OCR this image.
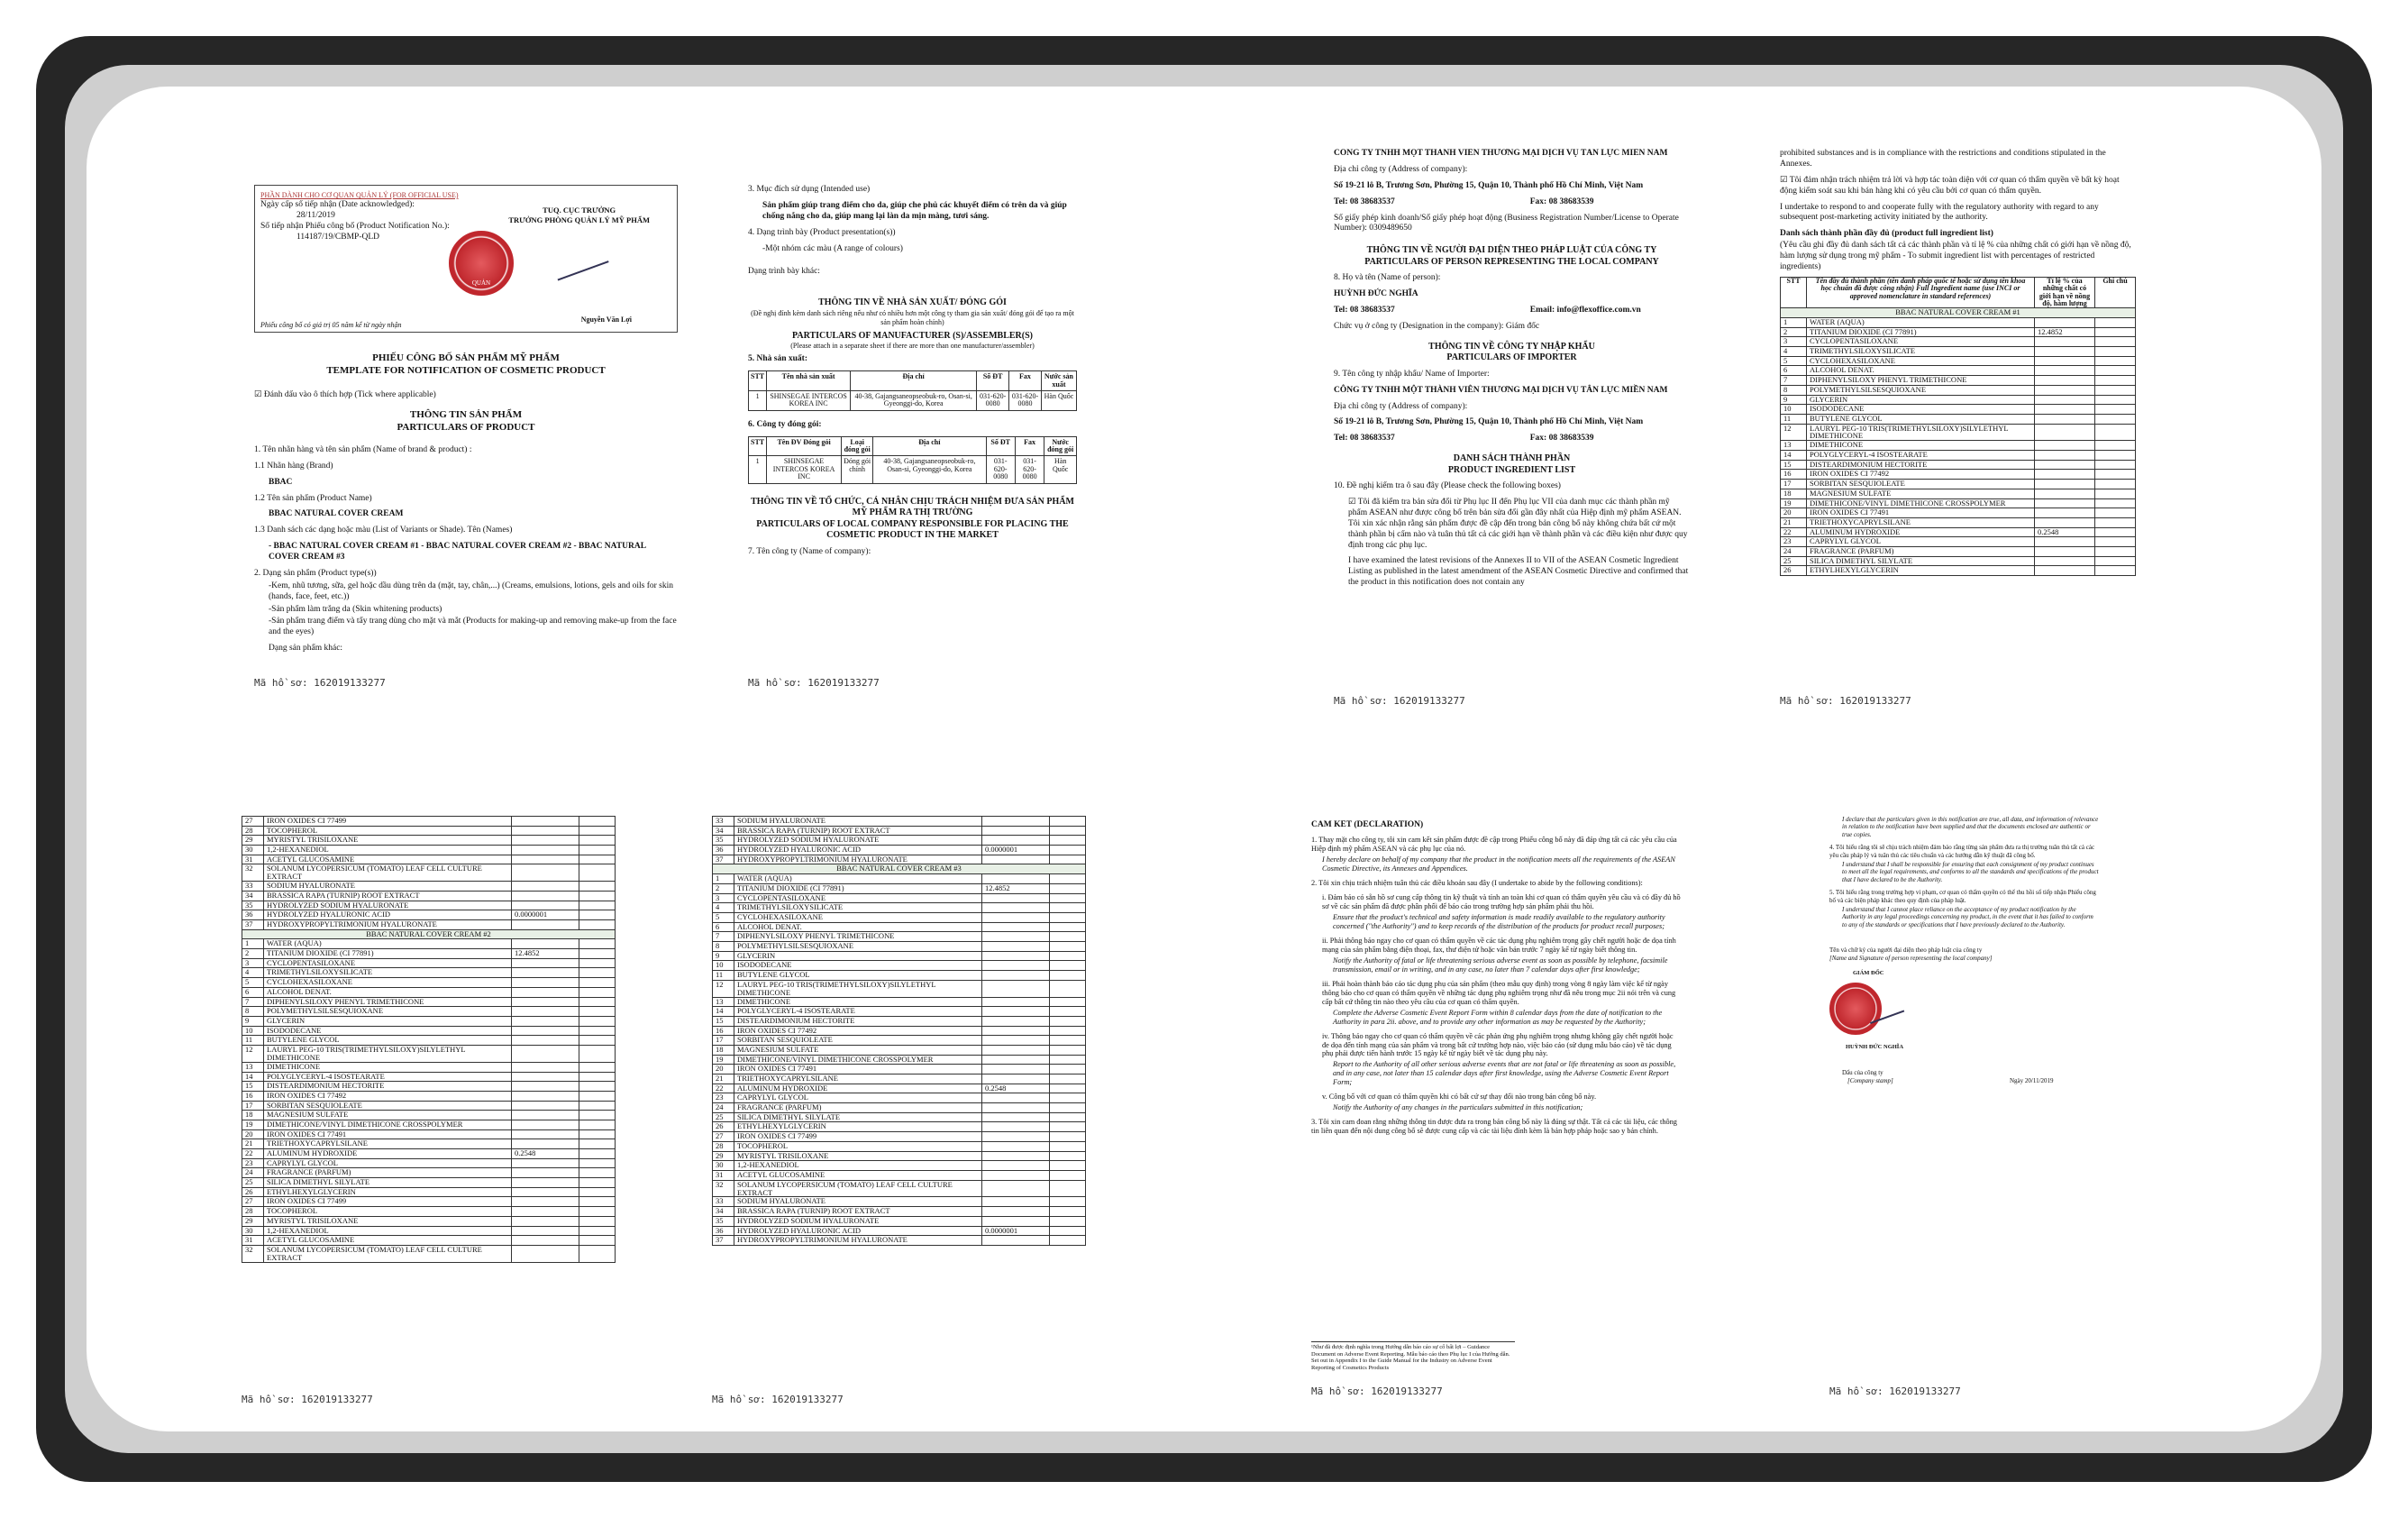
PHẦN DÀNH CHO CƠ QUAN QUẢN LÝ (FOR OFFICIAL USE)
Ngày cấp số tiếp nhận (Date acknowledged):
28/11/2019
Số tiếp nhận Phiếu công bố (Product Notification No.):
114187/19/CBMP-QLD
TUQ. CỤC TRƯỞNG
TRƯỞNG PHÒNG QUẢN LÝ MỸ PHẨM
QUẢN
Nguyễn Văn Lợi
Phiếu công bố có giá trị 05 năm kể từ ngày nhận
PHIẾU CÔNG BỐ SẢN PHẨM MỸ PHẨM
TEMPLATE FOR NOTIFICATION OF COSMETIC PRODUCT

☑ Đánh dấu vào ô thích hợp (Tick where applicable)

THÔNG TIN SẢN PHẨM
PARTICULARS OF PRODUCT

1. Tên nhãn hàng và tên sản phẩm (Name of brand & product) :

1.1 Nhãn hàng (Brand)

BBAC

1.2 Tên sản phẩm (Product Name)

BBAC NATURAL COVER CREAM

1.3 Danh sách các dạng hoặc màu (List of Variants or Shade). Tên (Names)

- BBAC NATURAL COVER CREAM #1 - BBAC NATURAL COVER CREAM #2 - BBAC NATURAL COVER CREAM #3

2. Dạng sản phẩm (Product type(s))

-Kem, nhũ tương, sữa, gel hoặc dầu dùng trên da (mặt, tay, chân,...) (Creams, emulsions, lotions, gels and oils for skin (hands, face, feet, etc.))

-Sản phẩm làm trắng da (Skin whitening products)

-Sản phẩm trang điểm và tẩy trang dùng cho mặt và mắt (Products for making-up and removing make-up from the face and the eyes)

Dạng sản phẩm khác:

Mã hồ sơ: 162019133277

3. Mục đích sử dụng (Intended use)

Sản phẩm giúp trang điểm cho da, giúp che phủ các khuyết điểm có trên da và giúp chống nắng cho da, giúp mang lại làn da mịn màng, tươi sáng.

4. Dạng trình bày (Product presentation(s))

-Một nhóm các màu (A range of colours)

Dạng trình bày khác:

THÔNG TIN VỀ NHÀ SẢN XUẤT/ ĐÓNG GÓI
(Đề nghị đính kèm danh sách riêng nếu như có nhiều hơn một công ty tham gia sản xuất/ đóng gói để tạo ra một sản phẩm hoàn chỉnh)
PARTICULARS OF MANUFACTURER (S)/ASSEMBLER(S)
(Please attach in a separate sheet if there are more than one manufacturer/assembler)

5. Nhà sản xuất:

STT	Tên nhà sản xuất	Địa chỉ	Số ĐT	Fax	Nước sản xuất
1	SHINSEGAE INTERCOS KOREA INC	40-38, Gajangsaneopseobuk-ro, Osan-si, Gyeonggi-do, Korea	031-620-0080	031-620-0080	Hàn Quốc

6. Công ty đóng gói:

STT	Tên ĐV Đóng gói	Loại đóng gói	Địa chỉ	Số ĐT	Fax	Nước đóng gói
1	SHINSEGAE INTERCOS KOREA INC	Đóng gói chính	40-38, Gajangsaneopseobuk-ro, Osan-si, Gyeonggi-do, Korea	031-620-0080	031-620-0080	Hàn Quốc
THÔNG TIN VỀ TỔ CHỨC, CÁ NHÂN CHỊU TRÁCH NHIỆM ĐƯA SẢN PHẨM MỸ PHẨM RA THỊ TRƯỜNG
PARTICULARS OF LOCAL COMPANY RESPONSIBLE FOR PLACING THE COSMETIC PRODUCT IN THE MARKET

7. Tên công ty (Name of company):

Mã hồ sơ: 162019133277

CÔNG TY TNHH MỘT THÀNH VIÊN THƯƠNG MẠI DỊCH VỤ TÂN LỰC MIỀN NAM

Địa chỉ công ty (Address of company):

Số 19-21 lô B, Trương Sơn, Phường 15, Quận 10, Thành phố Hồ Chí Minh, Việt Nam

Tel: 08 38683537	Fax: 08 38683539

Số giấy phép kinh doanh/Số giấy phép hoạt động (Business Registration Number/License to Operate Number): 0309489650

THÔNG TIN VỀ NGƯỜI ĐẠI DIỆN THEO PHÁP LUẬT CỦA CÔNG TY
PARTICULARS OF PERSON REPRESENTING THE LOCAL COMPANY

8. Họ và tên (Name of person):

HUỲNH ĐỨC NGHĨA

Tel: 08 38683537	Email: info@flexoffice.com.vn

Chức vụ ở công ty (Designation in the company): Giám đốc

THÔNG TIN VỀ CÔNG TY NHẬP KHẨU
PARTICULARS OF IMPORTER

9. Tên công ty nhập khẩu/ Name of Importer:

CÔNG TY TNHH MỘT THÀNH VIÊN THƯƠNG MẠI DỊCH VỤ TÂN LỰC MIỀN NAM

Địa chỉ công ty (Address of company):

Số 19-21 lô B, Trương Sơn, Phường 15, Quận 10, Thành phố Hồ Chí Minh, Việt Nam

Tel: 08 38683537	Fax: 08 38683539

DANH SÁCH THÀNH PHẦN
PRODUCT INGREDIENT LIST

10. Đề nghị kiểm tra ô sau đây (Please check the following boxes)

☑ Tôi đã kiểm tra bản sửa đổi từ Phụ lục II đến Phụ lục VII của danh mục các thành phần mỹ phẩm ASEAN như được công bố trên bản sửa đổi gần đây nhất của Hiệp định mỹ phẩm ASEAN. Tôi xin xác nhận rằng sản phẩm được đề cập đến trong bản công bố này không chứa bất cứ một thành phần bị cấm nào và tuân thủ tất cả các giới hạn về thành phần và các điều kiện như được quy định trong các phụ lục.

I have examined the latest revisions of the Annexes II to VII of the ASEAN Cosmetic Ingredient Listing as published in the latest amendment of the ASEAN Cosmetic Directive and confirmed that the product in this notification does not contain any

Mã hồ sơ: 162019133277

prohibited substances and is in compliance with the restrictions and conditions stipulated in the Annexes.

☑ Tôi đảm nhận trách nhiệm trả lời và hợp tác toàn diện với cơ quan có thẩm quyền về bất kỳ hoạt động kiểm soát sau khi bán hàng khi có yêu cầu bởi cơ quan có thẩm quyền.

I undertake to respond to and cooperate fully with the regulatory authority with regard to any subsequent post-marketing activity initiated by the authority.

Danh sách thành phần đầy đủ (product full ingredient list)

(Yêu cầu ghi đầy đủ danh sách tất cả các thành phần và tỉ lệ % của những chất có giới hạn về nồng độ, hàm lượng sử dụng trong mỹ phẩm - To submit ingredient list with percentages of restricted ingredients)

STT	Tên đầy đủ thành phần (tên danh pháp quốc tế hoặc sử dụng tên khoa học chuẩn đã được công nhận) Full Ingredient name (use INCI or approved nomenclature in standard references)	Tỉ lệ % của những chất có giới hạn về nồng độ, hàm lượng	Ghi chú
BBAC NATURAL COVER CREAM #1			
1	WATER (AQUA)		
2	TITANIUM DIOXIDE (CI 77891)	12.4852	
3	CYCLOPENTASILOXANE		
4	TRIMETHYLSILOXYSILICATE		
5	CYCLOHEXASILOXANE		
6	ALCOHOL DENAT.		
7	DIPHENYLSILOXY PHENYL TRIMETHICONE		
8	POLYMETHYLSILSESQUIOXANE		
9	GLYCERIN		
10	ISODODECANE		
11	BUTYLENE GLYCOL		
12	LAURYL PEG-10 TRIS(TRIMETHYLSILOXY)SILYLETHYL DIMETHICONE		
13	DIMETHICONE		
14	POLYGLYCERYL-4 ISOSTEARATE		
15	DISTEARDIMONIUM HECTORITE		
16	IRON OXIDES CI 77492		
17	SORBITAN SESQUIOLEATE		
18	MAGNESIUM SULFATE		
19	DIMETHICONE/VINYL DIMETHICONE CROSSPOLYMER		
20	IRON OXIDES CI 77491		
21	TRIETHOXYCAPRYLSILANE		
22	ALUMINUM HYDROXIDE	0.2548	
23	CAPRYLYL GLYCOL		
24	FRAGRANCE (PARFUM)		
25	SILICA DIMETHYL SILYLATE		
26	ETHYLHEXYLGLYCERIN		
Mã hồ sơ: 162019133277
27	IRON OXIDES CI 77499		
28	TOCOPHEROL		
29	MYRISTYL TRISILOXANE		
30	1,2-HEXANEDIOL		
31	ACETYL GLUCOSAMINE		
32	SOLANUM LYCOPERSICUM (TOMATO) LEAF CELL CULTURE EXTRACT		
33	SODIUM HYALURONATE		
34	BRASSICA RAPA (TURNIP) ROOT EXTRACT		
35	HYDROLYZED SODIUM HYALURONATE		
36	HYDROLYZED HYALURONIC ACID	0.0000001	
37	HYDROXYPROPYLTRIMONIUM HYALURONATE		
BBAC NATURAL COVER CREAM #2			
1	WATER (AQUA)		
2	TITANIUM DIOXIDE (CI 77891)	12.4852	
3	CYCLOPENTASILOXANE		
4	TRIMETHYLSILOXYSILICATE		
5	CYCLOHEXASILOXANE		
6	ALCOHOL DENAT.		
7	DIPHENYLSILOXY PHENYL TRIMETHICONE		
8	POLYMETHYLSILSESQUIOXANE		
9	GLYCERIN		
10	ISODODECANE		
11	BUTYLENE GLYCOL		
12	LAURYL PEG-10 TRIS(TRIMETHYLSILOXY)SILYLETHYL DIMETHICONE		
13	DIMETHICONE		
14	POLYGLYCERYL-4 ISOSTEARATE		
15	DISTEARDIMONIUM HECTORITE		
16	IRON OXIDES CI 77492		
17	SORBITAN SESQUIOLEATE		
18	MAGNESIUM SULFATE		
19	DIMETHICONE/VINYL DIMETHICONE CROSSPOLYMER		
20	IRON OXIDES CI 77491		
21	TRIETHOXYCAPRYLSILANE		
22	ALUMINUM HYDROXIDE	0.2548	
23	CAPRYLYL GLYCOL		
24	FRAGRANCE (PARFUM)		
25	SILICA DIMETHYL SILYLATE		
26	ETHYLHEXYLGLYCERIN		
27	IRON OXIDES CI 77499		
28	TOCOPHEROL		
29	MYRISTYL TRISILOXANE		
30	1,2-HEXANEDIOL		
31	ACETYL GLUCOSAMINE		
32	SOLANUM LYCOPERSICUM (TOMATO) LEAF CELL CULTURE EXTRACT		
Mã hồ sơ: 162019133277
33	SODIUM HYALURONATE		
34	BRASSICA RAPA (TURNIP) ROOT EXTRACT		
35	HYDROLYZED SODIUM HYALURONATE		
36	HYDROLYZED HYALURONIC ACID	0.0000001	
37	HYDROXYPROPYLTRIMONIUM HYALURONATE		
BBAC NATURAL COVER CREAM #3			
1	WATER (AQUA)		
2	TITANIUM DIOXIDE (CI 77891)	12.4852	
3	CYCLOPENTASILOXANE		
4	TRIMETHYLSILOXYSILICATE		
5	CYCLOHEXASILOXANE		
6	ALCOHOL DENAT.		
7	DIPHENYLSILOXY PHENYL TRIMETHICONE		
8	POLYMETHYLSILSESQUIOXANE		
9	GLYCERIN		
10	ISODODECANE		
11	BUTYLENE GLYCOL		
12	LAURYL PEG-10 TRIS(TRIMETHYLSILOXY)SILYLETHYL DIMETHICONE		
13	DIMETHICONE		
14	POLYGLYCERYL-4 ISOSTEARATE		
15	DISTEARDIMONIUM HECTORITE		
16	IRON OXIDES CI 77492		
17	SORBITAN SESQUIOLEATE		
18	MAGNESIUM SULFATE		
19	DIMETHICONE/VINYL DIMETHICONE CROSSPOLYMER		
20	IRON OXIDES CI 77491		
21	TRIETHOXYCAPRYLSILANE		
22	ALUMINUM HYDROXIDE	0.2548	
23	CAPRYLYL GLYCOL		
24	FRAGRANCE (PARFUM)		
25	SILICA DIMETHYL SILYLATE		
26	ETHYLHEXYLGLYCERIN		
27	IRON OXIDES CI 77499		
28	TOCOPHEROL		
29	MYRISTYL TRISILOXANE		
30	1,2-HEXANEDIOL		
31	ACETYL GLUCOSAMINE		
32	SOLANUM LYCOPERSICUM (TOMATO) LEAF CELL CULTURE EXTRACT		
33	SODIUM HYALURONATE		
34	BRASSICA RAPA (TURNIP) ROOT EXTRACT		
35	HYDROLYZED SODIUM HYALURONATE		
36	HYDROLYZED HYALURONIC ACID	0.0000001	
37	HYDROXYPROPYLTRIMONIUM HYALURONATE		
Mã hồ sơ: 162019133277

CAM KẾT (DECLARATION)

1. Thay mặt cho công ty, tôi xin cam kết sản phẩm được đề cập trong Phiếu công bố này đã đáp ứng tất cả các yêu cầu của Hiệp định mỹ phẩm ASEAN và các phụ lục của nó.

I hereby declare on behalf of my company that the product in the notification meets all the requirements of the ASEAN Cosmetic Directive, its Annexes and Appendices.

2. Tôi xin chịu trách nhiệm tuân thủ các điều khoản sau đây (I undertake to abide by the following conditions):

i. Đảm bảo có sẵn hồ sơ cung cấp thông tin kỹ thuật và tính an toàn khi cơ quan có thẩm quyền yêu cầu và có đầy đủ hồ sơ về các sản phẩm đã được phân phối để báo cáo trong trường hợp sản phẩm phải thu hồi.

Ensure that the product's technical and safety information is made readily available to the regulatory authority concerned ("the Authority") and to keep records of the distribution of the products for product recall purposes;

ii. Phải thông báo ngay cho cơ quan có thẩm quyền về các tác dụng phụ nghiêm trọng gây chết người hoặc đe dọa tính mạng của sản phẩm bằng điện thoại, fax, thư điện tử hoặc văn bản trước 7 ngày kể từ ngày biết thông tin.

Notify the Authority of fatal or life threatening serious adverse event as soon as possible by telephone, facsimile transmission, email or in writing, and in any case, no later than 7 calendar days after first knowledge;

iii. Phải hoàn thành báo cáo tác dụng phụ của sản phẩm (theo mẫu quy định) trong vòng 8 ngày làm việc kể từ ngày thông báo cho cơ quan có thẩm quyền về những tác dụng phụ nghiêm trọng như đã nêu trong mục 2ii nói trên và cung cấp bất cứ thông tin nào theo yêu cầu của cơ quan có thẩm quyền.

Complete the Adverse Cosmetic Event Report Form within 8 calendar days from the date of notification to the Authority in para 2ii. above, and to provide any other information as may be requested by the Authority;

iv. Thông báo ngay cho cơ quan có thẩm quyền về các phản ứng phụ nghiêm trọng nhưng không gây chết người hoặc đe dọa đến tính mạng của sản phẩm và trong bất cứ trường hợp nào, việc báo cáo (sử dụng mẫu báo cáo) về tác dụng phụ phải được tiến hành trước 15 ngày kể từ ngày biết về tác dụng phụ này.

Report to the Authority of all other serious adverse events that are not fatal or life threatening as soon as possible, and in any case, not later than 15 calendar days after first knowledge, using the Adverse Cosmetic Event Report Form;

v. Công bố với cơ quan có thẩm quyền khi có bất cứ sự thay đổi nào trong bản công bố này.

Notify the Authority of any changes in the particulars submitted in this notification;

3. Tôi xin cam đoan rằng những thông tin được đưa ra trong bản công bố này là đúng sự thật. Tất cả các tài liệu, các thông tin liên quan đến nội dung công bố sẽ được cung cấp và các tài liệu đính kèm là bản hợp pháp hoặc sao y bản chính.

¹Như đã được định nghĩa trong Hướng dẫn báo cáo sự cố bất lợi – Guidance Document on Adverse Event Reporting. Mẫu báo cáo theo Phụ lục I của Hướng dẫn. Set out in Appendix I to the Guide Manual for the Industry on Adverse Event Reporting of Cosmetics Products
Mã hồ sơ: 162019133277

I declare that the particulars given in this notification are true, all data, and information of relevance in relation to the notification have been supplied and that the documents enclosed are authentic or true copies.

4. Tôi hiểu rằng tôi sẽ chịu trách nhiệm đảm bảo rằng từng sản phẩm đưa ra thị trường tuân thủ tất cả các yêu cầu pháp lý và tuân thủ các tiêu chuẩn và các hướng dẫn kỹ thuật đã công bố.

I understand that I shall be responsible for ensuring that each consignment of my product continues to meet all the legal requirements, and conforms to all the standards and specifications of the product that I have declared to be the Authority.

5. Tôi hiểu rằng trong trường hợp vi phạm, cơ quan có thẩm quyền có thể thu hồi số tiếp nhận Phiếu công bố và các biện pháp khác theo quy định của pháp luật.

I understand that I cannot place reliance on the acceptance of my product notification by the Authority in any legal proceedings concerning my product, in the event that it has failed to conform to any of the standards or specifications that I have previously declared to the Authority.

Tên và chữ ký của người đại diện theo pháp luật của công ty

[Name and Signature of person representing the local company]

GIÁM ĐỐC
HUỲNH ĐỨC NGHĨA

Dấu của công ty

[Company stamp]	Ngày 20/11/2019

Mã hồ sơ: 162019133277
